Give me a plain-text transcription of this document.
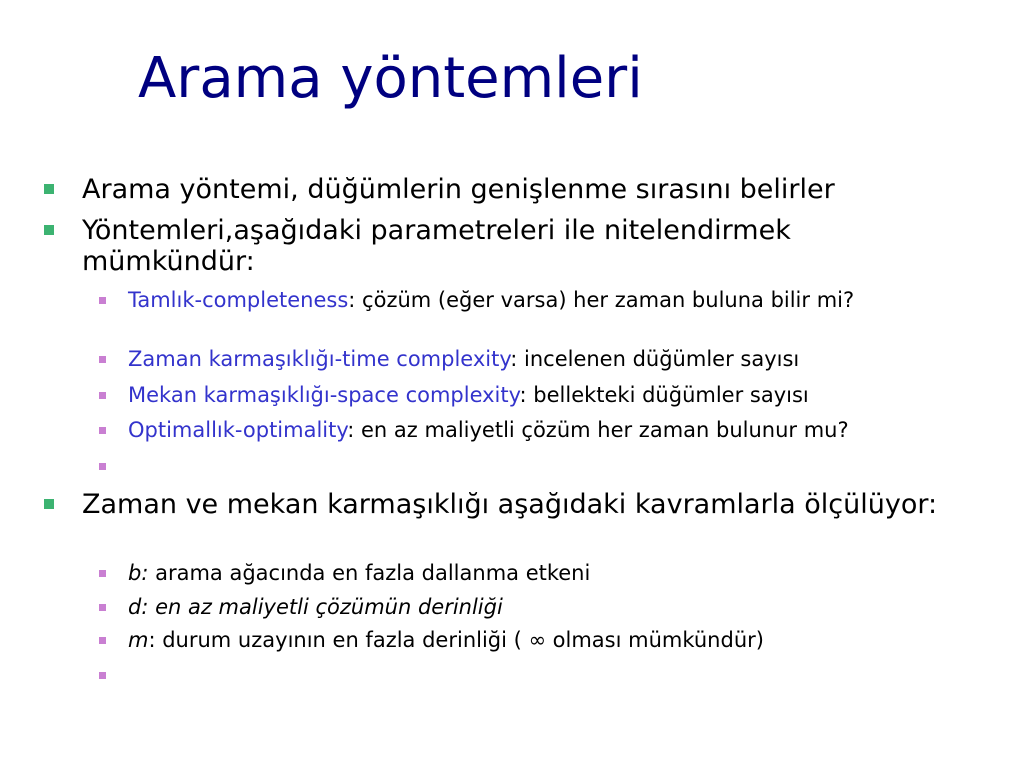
Arama yöntemleri
Arama yöntemi, düğümlerin genişlenme sırasını belirler
Yöntemleri,aşağıdaki parametreleri ile nitelendirmek mümkündür:
Tamlık-completeness: çözüm (eğer varsa) her zaman buluna bilir mi?
Zaman karmaşıklığı-time complexity: incelenen düğümler sayısı
Mekan karmaşıklığı-space complexity: bellekteki düğümler sayısı
Optimallık-optimality: en az maliyetli çözüm her zaman bulunur mu?
Zaman ve mekan karmaşıklığı aşağıdaki kavramlarla ölçülüyor:
b: arama ağacında en fazla dallanma etkeni
d: en az maliyetli çözümün derinliği
m: durum uzayının en fazla derinliği ( ∞ olması mümkündür)
